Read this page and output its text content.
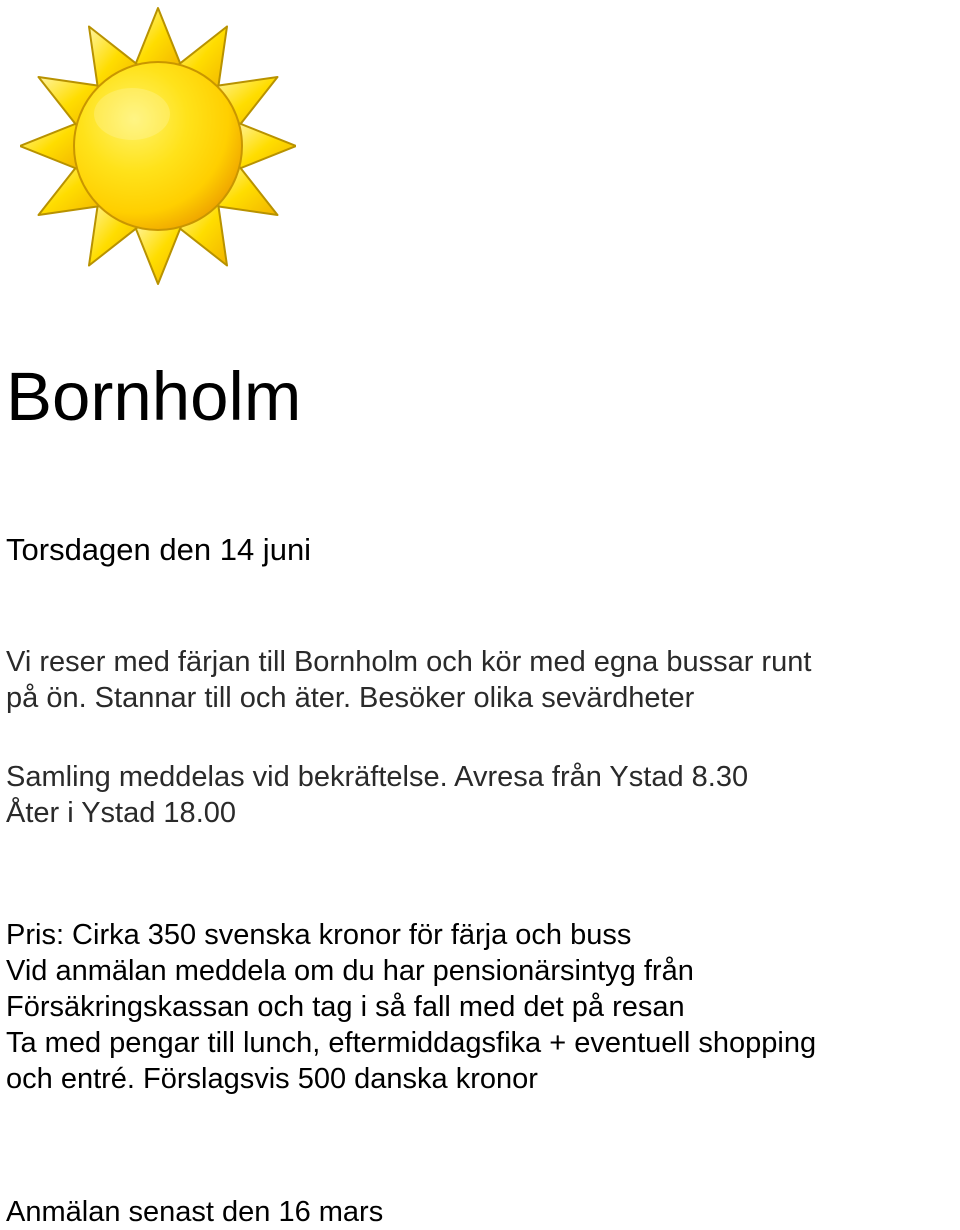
Bornholm

Torsdagen den 14 juni

Vi reser med färjan till Bornholm och kör med egna bussar runt
på ön. Stannar till och äter. Besöker olika sevärdheter
Samling meddelas vid bekräftelse. Avresa från Ystad 8.30
Åter i Ystad 18.00
Pris: Cirka 350 svenska kronor för färja och buss
Vid anmälan meddela om du har pensionärsintyg från
Försäkringskassan och tag i så fall med det på resan
Ta med pengar till lunch, eftermiddagsfika + eventuell shopping
och entré. Förslagsvis 500 danska kronor

Anmälan senast den 16 mars
